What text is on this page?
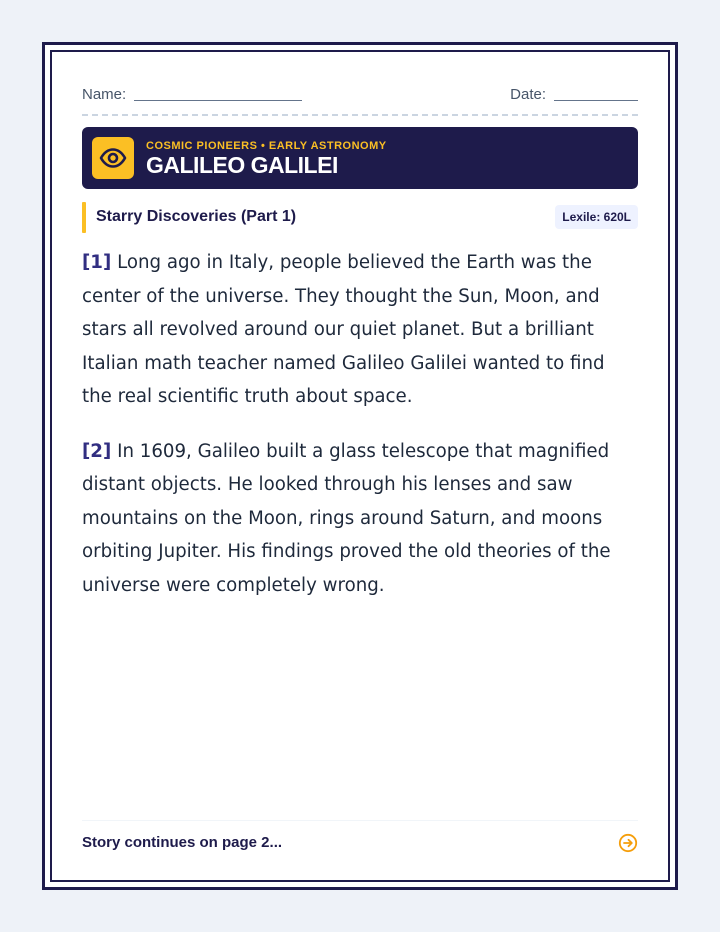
Name:	Date:
COSMIC PIONEERS • EARLY ASTRONOMY
GALILEO GALILEI
Starry Discoveries (Part 1)	Lexile: 620L

[1] Long ago in Italy, people believed the Earth was the center of the universe. They thought the Sun, Moon, and stars all revolved around our quiet planet. But a brilliant Italian math teacher named Galileo Galilei wanted to find the real scientific truth about space.

[2] In 1609, Galileo built a glass telescope that magnified distant objects. He looked through his lenses and saw mountains on the Moon, rings around Saturn, and moons orbiting Jupiter. His findings proved the old theories of the universe were completely wrong.

Story continues on page 2...
